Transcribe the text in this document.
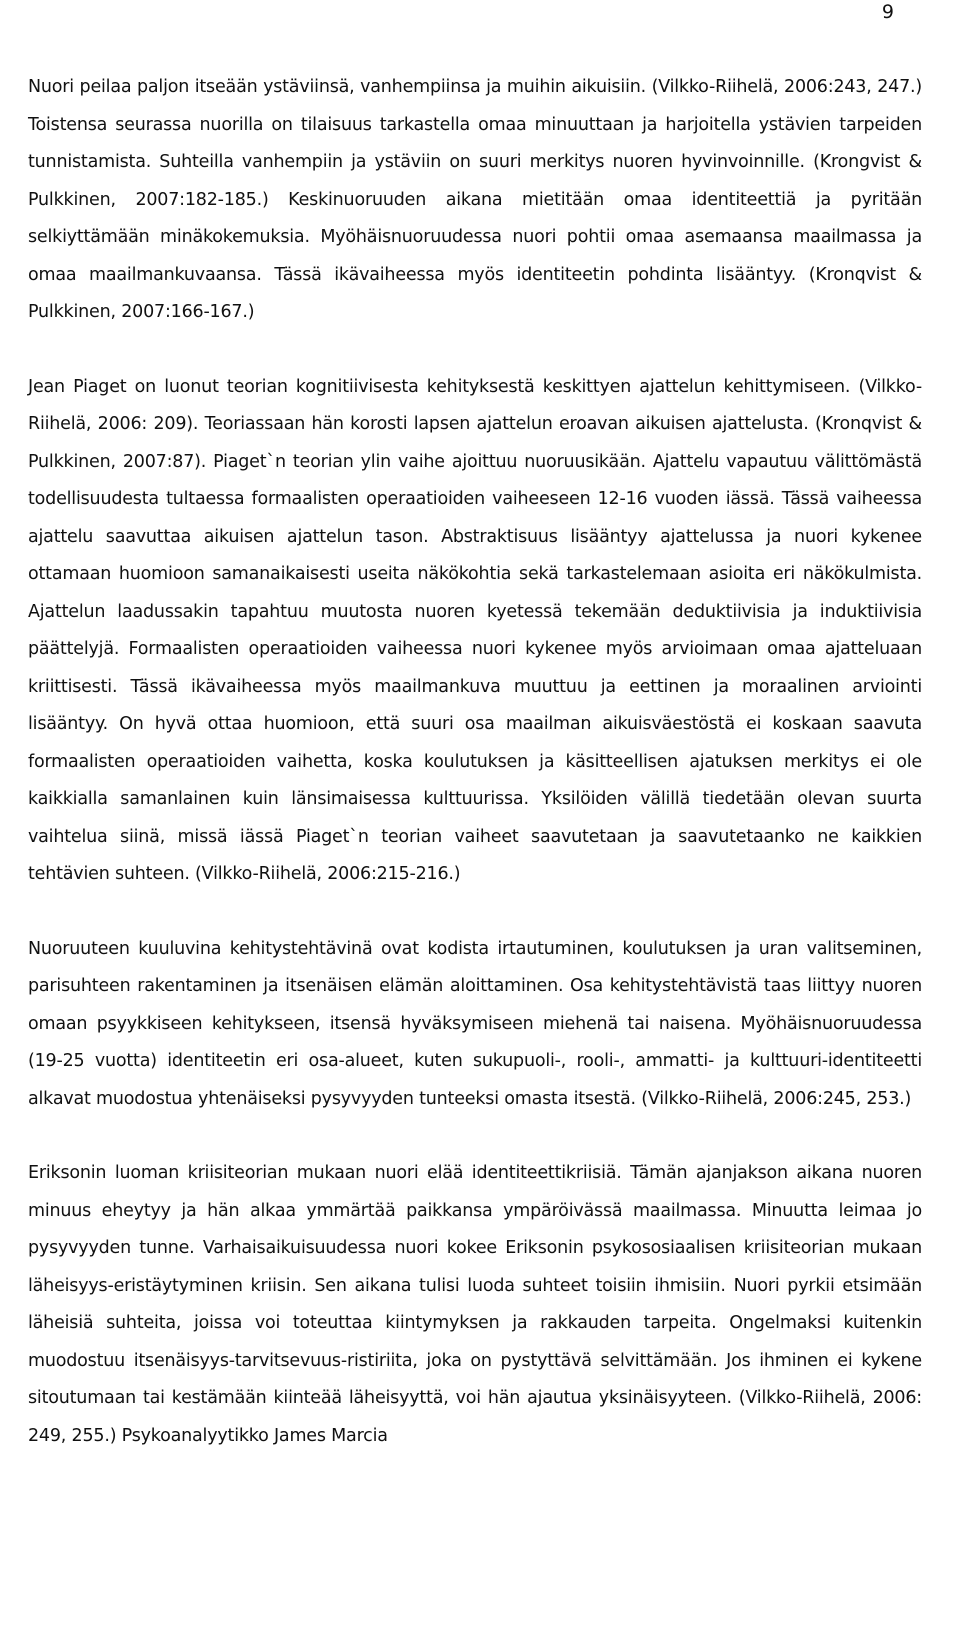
9

Nuori peilaa paljon itseään ystäviinsä, vanhempiinsa ja muihin aikuisiin. (Vilkko-Riihelä, 2006:243, 247.) Toistensa seurassa nuorilla on tilaisuus tarkastella omaa minuuttaan ja harjoitella ystävien tarpeiden tunnistamista. Suhteilla vanhempiin ja ystäviin on suuri merkitys nuoren hyvinvoinnille. (Krongvist & Pulkkinen, 2007:182-185.) Keskinuoruuden aikana mietitään omaa identiteettiä ja pyritään selkiyttämään minäkokemuksia. Myöhäisnuoruudessa nuori pohtii omaa asemaansa maailmassa ja omaa maailmankuvaansa. Tässä ikävaiheessa myös identiteetin pohdinta lisääntyy. (Kronqvist & Pulkkinen, 2007:166-167.)

Jean Piaget on luonut teorian kognitiivisesta kehityksestä keskittyen ajattelun kehittymiseen. (Vilkko-Riihelä, 2006: 209). Teoriassaan hän korosti lapsen ajattelun eroavan aikuisen ajattelusta. (Kronqvist & Pulkkinen, 2007:87). Piaget`n teorian ylin vaihe ajoittuu nuoruusikään. Ajattelu vapautuu välittömästä todellisuudesta tultaessa formaalisten operaatioiden vaiheeseen 12-16 vuoden iässä. Tässä vaiheessa ajattelu saavuttaa aikuisen ajattelun tason. Abstraktisuus lisääntyy ajattelussa ja nuori kykenee ottamaan huomioon samanaikaisesti useita näkökohtia sekä tarkastelemaan asioita eri näkökulmista. Ajattelun laadussakin tapahtuu muutosta nuoren kyetessä tekemään deduktiivisia ja induktiivisia päättelyjä. Formaalisten operaatioiden vaiheessa nuori kykenee myös arvioimaan omaa ajatteluaan kriittisesti. Tässä ikävaiheessa myös maailmankuva muuttuu ja eettinen ja moraalinen arviointi lisääntyy. On hyvä ottaa huomioon, että suuri osa maailman aikuisväestöstä ei koskaan saavuta formaalisten operaatioiden vaihetta, koska koulutuksen ja käsitteellisen ajatuksen merkitys ei ole kaikkialla samanlainen kuin länsimaisessa kulttuurissa. Yksilöiden välillä tiedetään olevan suurta vaihtelua siinä, missä iässä Piaget`n teorian vaiheet saavutetaan ja saavutetaanko ne kaikkien tehtävien suhteen. (Vilkko-Riihelä, 2006:215-216.)

Nuoruuteen kuuluvina kehitystehtävinä ovat kodista irtautuminen, koulutuksen ja uran valitseminen, parisuhteen rakentaminen ja itsenäisen elämän aloittaminen. Osa kehitystehtävistä taas liittyy nuoren omaan psyykkiseen kehitykseen, itsensä hyväksymiseen miehenä tai naisena. Myöhäisnuoruudessa (19-25 vuotta) identiteetin eri osa-alueet, kuten sukupuoli-, rooli-, ammatti- ja kulttuuri-identiteetti alkavat muodostua yhtenäiseksi pysyvyyden tunteeksi omasta itsestä. (Vilkko-Riihelä, 2006:245, 253.)

Eriksonin luoman kriisiteorian mukaan nuori elää identiteettikriisiä. Tämän ajanjakson aikana nuoren minuus eheytyy ja hän alkaa ymmärtää paikkansa ympäröivässä maailmassa. Minuutta leimaa jo pysyvyyden tunne. Varhaisaikuisuudessa nuori kokee Eriksonin psykososiaalisen kriisiteorian mukaan läheisyys-eristäytyminen kriisin. Sen aikana tulisi luoda suhteet toisiin ihmisiin. Nuori pyrkii etsimään läheisiä suhteita, joissa voi toteuttaa kiintymyksen ja rakkauden tarpeita. Ongelmaksi kuitenkin muodostuu itsenäisyys-tarvitsevuus-ristiriita, joka on pystyttävä selvittämään. Jos ihminen ei kykene sitoutumaan tai kestämään kiinteää läheisyyttä, voi hän ajautua yksinäisyyteen. (Vilkko-Riihelä, 2006: 249, 255.) Psykoanalyytikko James Marcia
